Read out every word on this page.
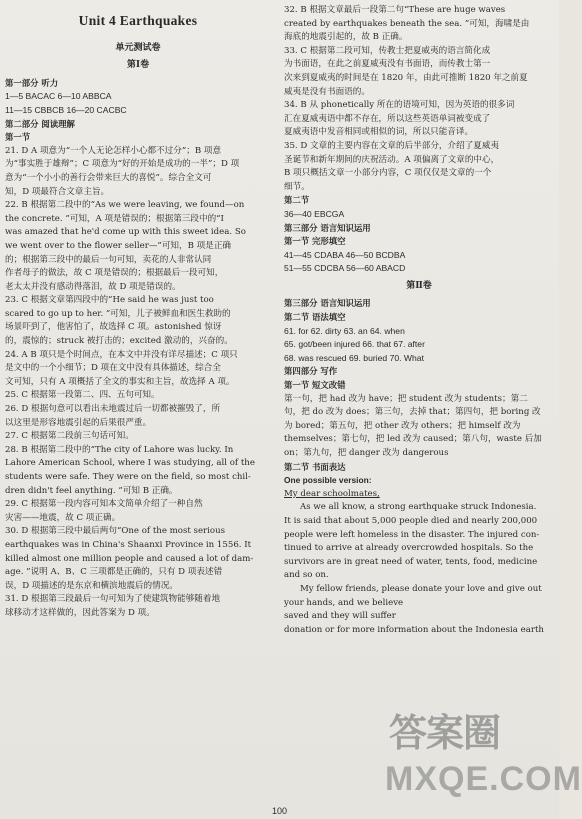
Unit 4 Earthquakes

单元测试卷

第Ⅰ卷

第一部分 听力

1—5 BACAC 6—10 ABBCA

11—15 CBBCB 16—20 CACBC

第二部分 阅读理解

第一节

21. D A 项意为“一个人无论怎样小心都不过分”；B 项意

为“事实胜于雄辩”；C 项意为“好的开始是成功的一半”；D 项

意为“一个小小的善行会带来巨大的喜悦”。综合全文可

知，D 项最符合文章主旨。

22. B 根据第二段中的“As we were leaving, we found—on

the concrete. ”可知，A 项是错误的；根据第三段中的“I

was amazed that he'd come up with this sweet idea. So

we went over to the flower seller—”可知，B 项是正确

的；根据第三段中的最后一句可知，卖花的人非常认同

作者母子的做法，故 C 项是错误的；根据最后一段可知，

老太太并没有感动得落泪，故 D 项是错误的。

23. C 根据文章第四段中的“He said he was just too

scared to go up to her. ”可知，儿子被鲜血和医生救助的

场景吓到了，他害怕了，故选择 C 项。astonished 惊讶

的，震惊的；struck 被打击的；excited 激动的，兴奋的。

24. A B 项只是个时间点，在本文中并没有详尽描述；C 项只

是文中的一个小细节；D 项在文中没有具体描述，综合全

文可知，只有 A 项概括了全文的事实和主旨，故选择 A 项。

25. C 根据第一段第二、四、五句可知。

26. D 根据句意可以看出未地震过后一切都被摧毁了，所

以这里是形容地震引起的后果很严重。

27. C 根据第二段前三句话可知。

28. B 根据第二段中的“The city of Lahore was lucky. In

Lahore American School, where I was studying, all of the

students were safe. They were on the field, so most chil-

dren didn't feel anything. ”可知 B 正确。

29. C 根据第一段内容可知本文简单介绍了一种自然

灾害——地震，故 C 项正确。

30. D 根据第三段中最后两句“One of the most serious

earthquakes was in China's Shaanxi Province in 1556. It

killed almost one million people and caused a lot of dam-

age. ”说明 A、B、C 三项都是正确的，只有 D 项表述错

误，D 项描述的是东京和横滨地震后的情况。

31. D 根据第三段最后一句可知为了使建筑物能够随着地

球移动才这样做的，因此答案为 D 项。

32. B 根据文章最后一段第二句“These are huge waves

created by earthquakes beneath the sea. ”可知，海啸是由

海底的地震引起的，故 B 正确。

33. C 根据第二段可知，传教士把夏威夷的语言简化成

为书面语，在此之前夏威夷没有书面语，而传教士第一

次来到夏威夷的时间是在 1820 年，由此可推断 1820 年之前夏

威夷是没有书面语的。

34. B 从 phonetically 所在的语境可知，因为英语的很多词

汇在夏威夷语中都不存在，所以这些英语单词被变成了

夏威夷语中发音相同或相似的词，所以只能音译。

35. D 文章的主要内容在文章的后半部分，介绍了夏威夷

圣诞节和新年期间的庆祝活动。A 项偏离了文章的中心，

B 项只概括文章一小部分内容，C 项仅仅是文章的一个

细节。

第二节

36—40 EBCGA

第三部分 语言知识运用

第一节 完形填空

41—45 CDABA 46—50 BCDBA

51—55 CDCBA 56—60 ABACD

第Ⅱ卷

第三部分 语言知识运用

第二节 语法填空

61. for 62. dirty 63. an 64. when

65. got/been injured 66. that 67. after

68. was rescued 69. buried 70. What

第四部分 写作

第一节 短文改错

第一句，把 had 改为 have；把 student 改为 students；第二

句，把 do 改为 does；第三句，去掉 that；第四句，把 boring 改

为 bored；第五句，把 other 改为 others；把 himself 改为

themselves；第七句，把 led 改为 caused；第八句，waste 后加

on；第九句，把 danger 改为 dangerous

第二节 书面表达

One possible version:

My dear schoolmates,

As we all know, a strong earthquake struck Indonesia.

It is said that about 5,000 people died and nearly 200,000

people were left homeless in the disaster. The injured con-

tinued to arrive at already overcrowded hospitals. So the

survivors are in great need of water, tents, food, medicine

and so on.

My fellow friends, please donate your love and give out

your hands, and we believe

saved and they will suffer

donation or for more information about the Indonesia earth

100
答案圈
MXQE.COM
